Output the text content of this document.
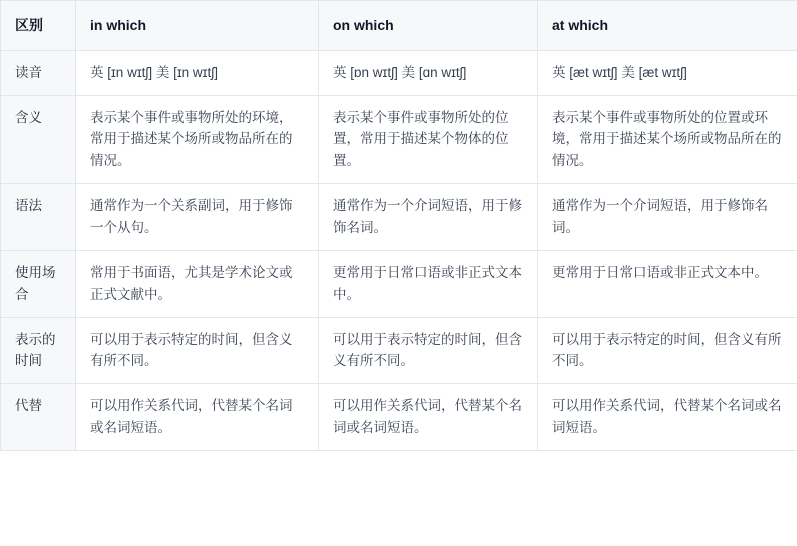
区别	in which	on which	at which
读音	英 [ɪn wɪtʃ] 美 [ɪn wɪtʃ]	英 [ɒn wɪtʃ] 美 [ɑn wɪtʃ]	英 [æt wɪtʃ] 美 [æt wɪtʃ]

含义	表示某个事件或事物所处的环境，常用于描述某个场所或物品所在的情况。	表示某个事件或事物所处的位置，常用于描述某个物体的位置。	表示某个事件或事物所处的位置或环境，常用于描述某个场所或物品所在的情况。

语法	通常作为一个关系副词，用于修饰一个从句。	通常作为一个介词短语，用于修饰名词。	通常作为一个介词短语，用于修饰名词。

使用场合	常用于书面语，尤其是学术论文或正式文献中。	更常用于日常口语或非正式文本中。	更常用于日常口语或非正式文本中。

表示的时间	可以用于表示特定的时间，但含义有所不同。	可以用于表示特定的时间，但含义有所不同。	可以用于表示特定的时间，但含义有所不同。

代替	可以用作关系代词，代替某个名词或名词短语。	可以用作关系代词，代替某个名词或名词短语。	可以用作关系代词，代替某个名词或名词短语。
